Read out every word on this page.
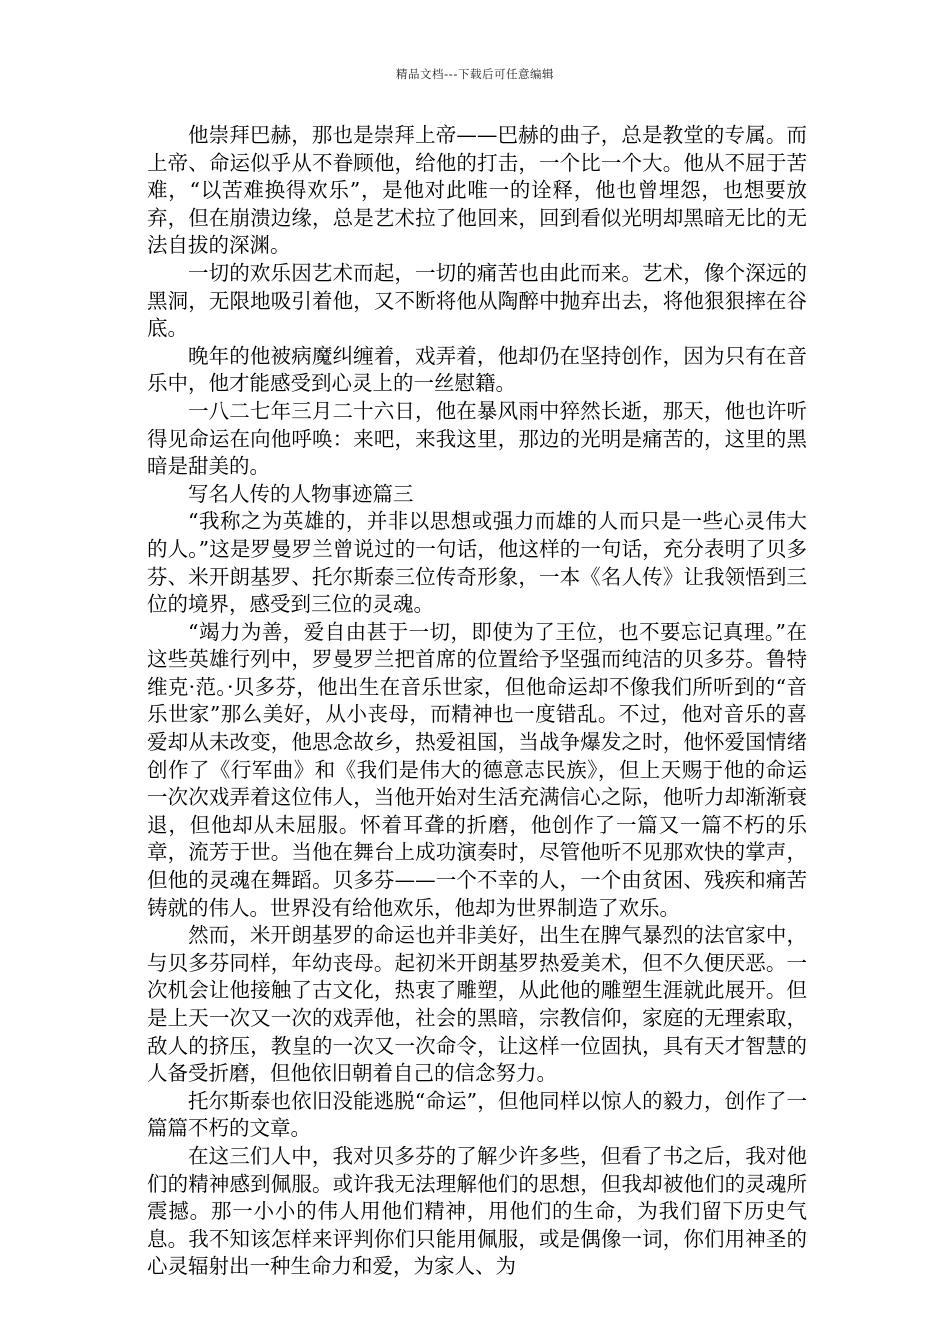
精品文档---下载后可任意编辑

他崇拜巴赫，那也是崇拜上帝——巴赫的曲子，总是教堂的专属。而上帝、命运似乎从不眷顾他，给他的打击，一个比一个大。他从不屈于苦难，“以苦难换得欢乐”，是他对此唯一的诠释，他也曾埋怨，也想要放弃，但在崩溃边缘，总是艺术拉了他回来，回到看似光明却黑暗无比的无法自拔的深渊。

一切的欢乐因艺术而起，一切的痛苦也由此而来。艺术，像个深远的黑洞，无限地吸引着他，又不断将他从陶醉中抛弃出去，将他狠狠摔在谷底。

晚年的他被病魔纠缠着，戏弄着，他却仍在坚持创作，因为只有在音乐中，他才能感受到心灵上的一丝慰籍。

一八二七年三月二十六日，他在暴风雨中猝然长逝，那天，他也许听得见命运在向他呼唤：来吧，来我这里，那边的光明是痛苦的，这里的黑暗是甜美的。

写名人传的人物事迹篇三

“我称之为英雄的，并非以思想或强力而雄的人而只是一些心灵伟大的人。”这是罗曼罗兰曾说过的一句话，他这样的一句话，充分表明了贝多芬、米开朗基罗、托尔斯泰三位传奇形象，一本《名人传》让我领悟到三位的境界，感受到三位的灵魂。

“竭力为善，爱自由甚于一切，即使为了王位，也不要忘记真理。”在这些英雄行列中，罗曼罗兰把首席的位置给予坚强而纯洁的贝多芬。鲁特维克·范。·贝多芬，他出生在音乐世家，但他命运却不像我们所听到的“音乐世家”那么美好，从小丧母，而精神也一度错乱。不过，他对音乐的喜爱却从未改变，他思念故乡，热爱祖国，当战争爆发之时，他怀爱国情绪创作了《行军曲》和《我们是伟大的德意志民族》，但上天赐于他的命运一次次戏弄着这位伟人，当他开始对生活充满信心之际，他听力却渐渐衰退，但他却从未屈服。怀着耳聋的折磨，他创作了一篇又一篇不朽的乐章，流芳于世。当他在舞台上成功演奏时，尽管他听不见那欢快的掌声，但他的灵魂在舞蹈。贝多芬——一个不幸的人，一个由贫困、残疾和痛苦铸就的伟人。世界没有给他欢乐，他却为世界制造了欢乐。

然而，米开朗基罗的命运也并非美好，出生在脾气暴烈的法官家中，与贝多芬同样，年幼丧母。起初米开朗基罗热爱美术，但不久便厌恶。一次机会让他接触了古文化，热衷了雕塑，从此他的雕塑生涯就此展开。但是上天一次又一次的戏弄他，社会的黑暗，宗教信仰，家庭的无理索取，敌人的挤压，教皇的一次又一次命令，让这样一位固执，具有天才智慧的人备受折磨，但他依旧朝着自己的信念努力。

托尔斯泰也依旧没能逃脱“命运”，但他同样以惊人的毅力，创作了一篇篇不朽的文章。

在这三们人中，我对贝多芬的了解少许多些，但看了书之后，我对他们的精神感到佩服。或许我无法理解他们的思想，但我却被他们的灵魂所震撼。那一小小的伟人用他们精神，用他们的生命，为我们留下历史气息。我不知该怎样来评判你们只能用佩服，或是偶像一词，你们用神圣的心灵辐射出一种生命力和爱，为家人、为
